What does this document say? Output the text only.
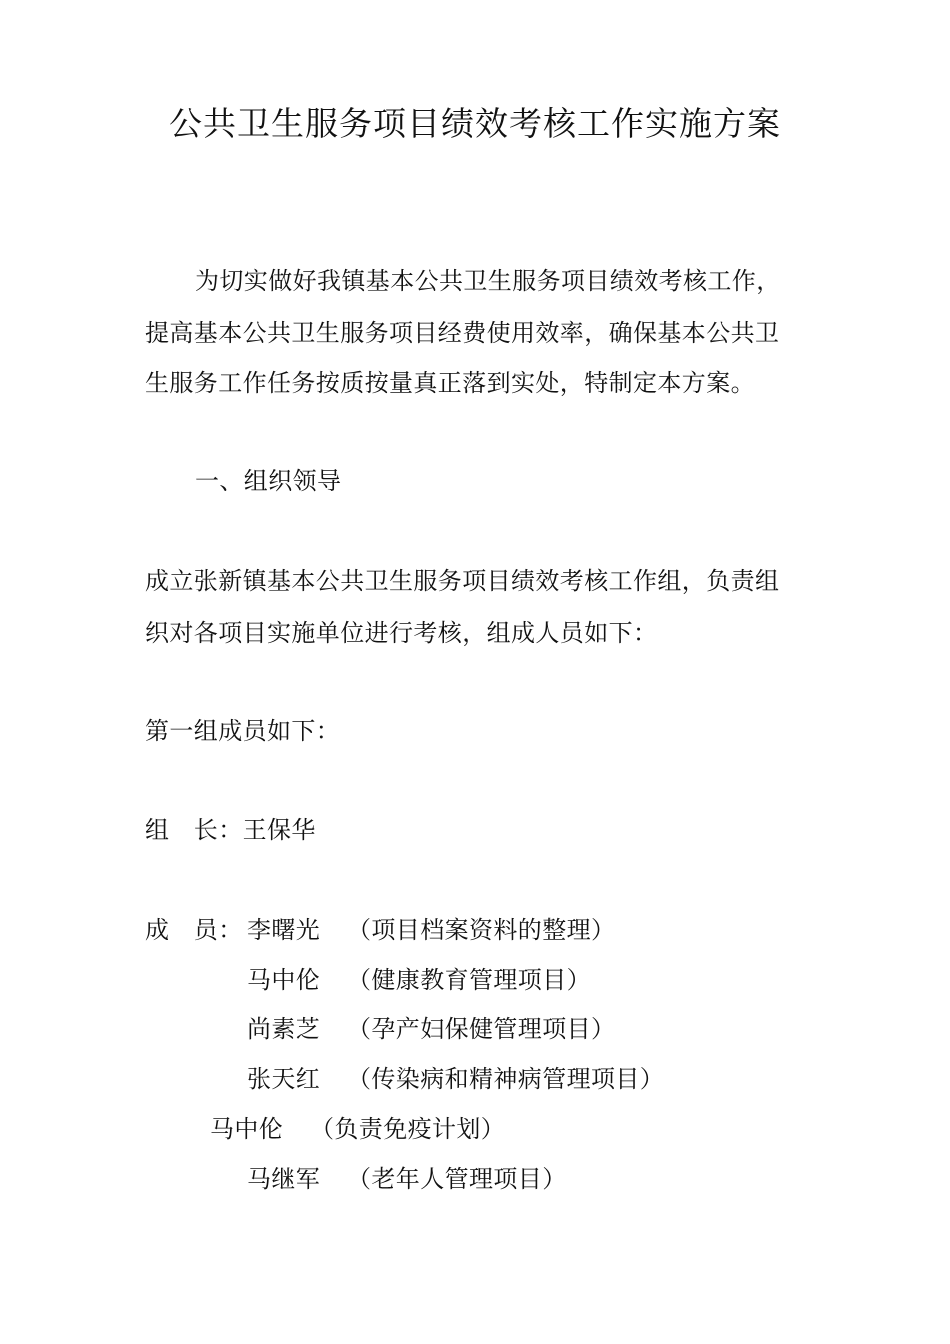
公共卫生服务项目绩效考核工作实施方案
为切实做好我镇基本公共卫生服务项目绩效考核工作，
提高基本公共卫生服务项目经费使用效率，确保基本公共卫
生服务工作任务按质按量真正落到实处，特制定本方案。
一、组织领导
成立张新镇基本公共卫生服务项目绩效考核工作组，负责组
织对各项目实施单位进行考核，组成人员如下：
第一组成员如下：
组　长：王保华
成　员： 李曙光 （项目档案资料的整理）
马中伦 （健康教育管理项目）
尚素芝 （孕产妇保健管理项目）
张天红 （传染病和精神病管理项目）
马中伦 （负责免疫计划）
马继军 （老年人管理项目）
